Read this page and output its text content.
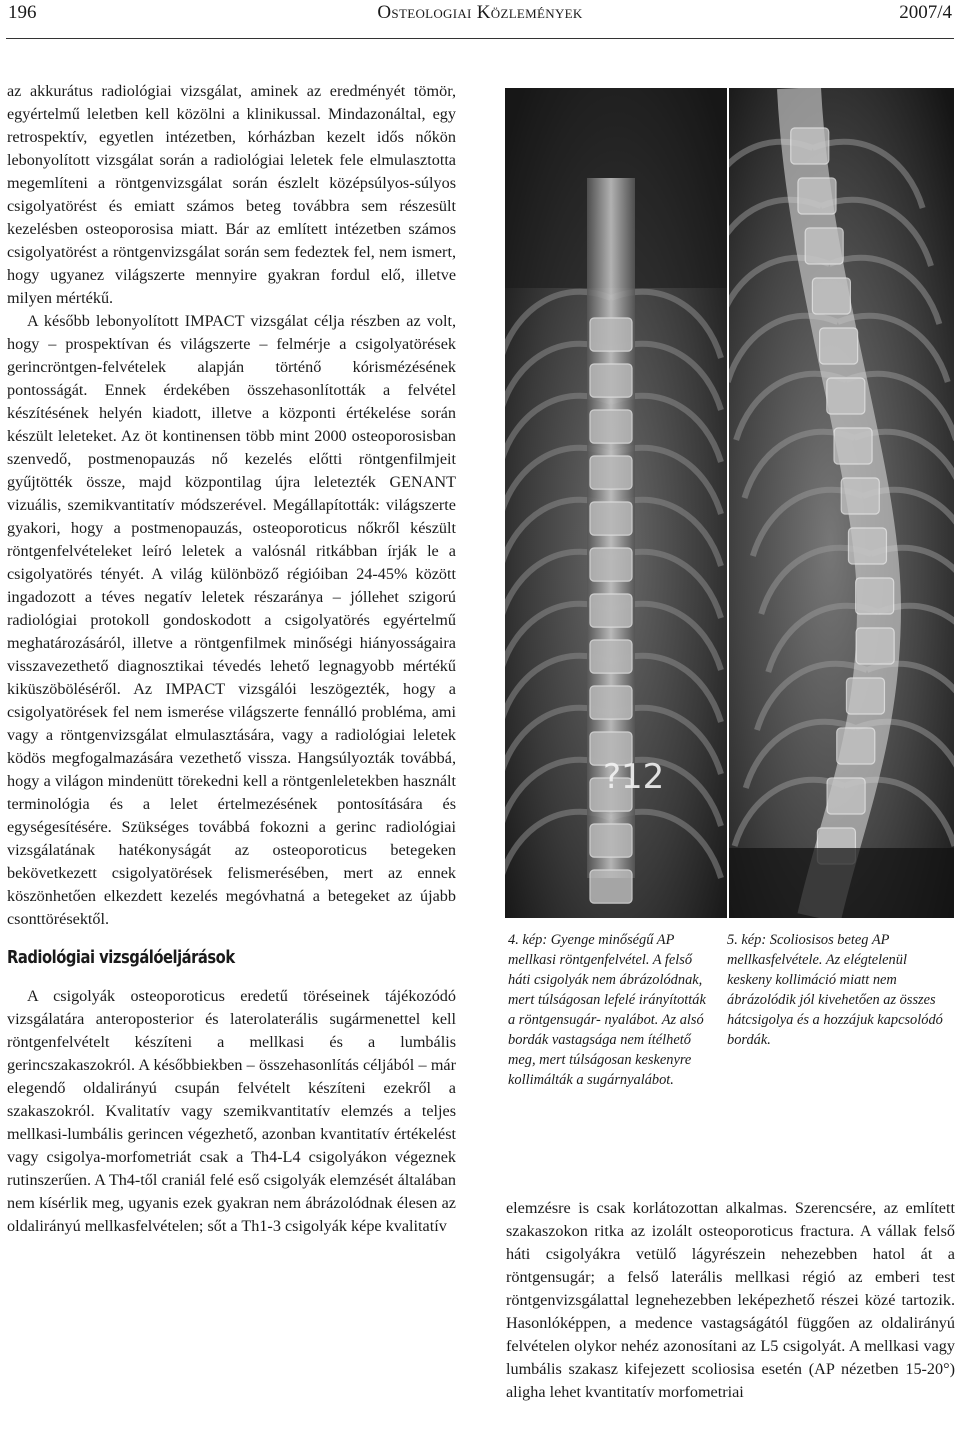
196	Osteologiai Közlemények	2007/4

az akkurátus radiológiai vizsgálat, aminek az eredményét tömör, egyértelmű leletben kell közölni a klinikussal. Mindazonáltal, egy retrospektív, egyetlen intézetben, kórházban kezelt idős nőkön lebonyolított vizsgálat során a radiológiai leletek fele elmulasztotta megemlíteni a röntgenvizsgálat során észlelt középsúlyos-súlyos csigolyatörést és emiatt számos beteg továbbra sem részesült kezelésben osteoporosisa miatt. Bár az említett intézetben számos csigolyatörést a röntgenvizsgálat során sem fedeztek fel, nem ismert, hogy ugyanez világszerte mennyire gyakran fordul elő, illetve milyen mértékű.

A később lebonyolított IMPACT vizsgálat célja részben az volt, hogy – prospektívan és világszerte – felmérje a csigolyatörések gerincröntgen-felvételek alapján történő kórismézésének pontosságát. Ennek érdekében összehasonlították a felvétel készítésének helyén kiadott, illetve a központi értékelése során készült leleteket. Az öt kontinensen több mint 2000 osteoporosisban szenvedő, postmenopauzás nő kezelés előtti röntgenfilmjeit gyűjtötték össze, majd központilag újra leletezték GENANT vizuális, szemikvantitatív módszerével. Megállapították: világszerte gyakori, hogy a postmenopauzás, osteoporoticus nőkről készült röntgenfelvételeket leíró leletek a valósnál ritkábban írják le a csigolyatörés tényét. A világ különböző régióiban 24-45% között ingadozott a téves negatív leletek részaránya – jóllehet szigorú radiológiai protokoll gondoskodott a csigolyatörés egyértelmű meghatározásáról, illetve a röntgenfilmek minőségi hiányosságaira visszavezethető diagnosztikai tévedés lehető legnagyobb mértékű kiküszöböléséről. Az IMPACT vizsgálói leszögezték, hogy a csigolyatörések fel nem ismerése világszerte fennálló probléma, ami vagy a röntgenvizsgálat elmulasztására, vagy a radiológiai leletek ködös megfogalmazására vezethető vissza. Hangsúlyozták továbbá, hogy a világon mindenütt törekedni kell a röntgenleletekben használt terminológia és a lelet értelmezésének pontosítására és egységesítésére. Szükséges továbbá fokozni a gerinc radiológiai vizsgálatának hatékonyságát az osteoporoticus betegeken bekövetkezett csigolyatörések felismerésében, mert az ennek köszönhetően elkezdett kezelés megóvhatná a betegeket az újabb csonttörésektől.

Radiológiai vizsgálóeljárások

A csigolyák osteoporoticus eredetű töréseinek tájékozódó vizsgálatára anteroposterior és laterolaterális sugármenettel kell röntgenfelvételt készíteni a mellkasi és a lumbális gerincszakaszokról. A későbbiekben – összehasonlítás céljából – már elegendő oldalirányú csupán felvételt készíteni ezekről a szakaszokról. Kvalitatív vagy szemikvantitatív elemzés a teljes mellkasi-lumbális gerincen végezhető, azonban kvantitatív értékelést vagy csigolya-morfometriát csak a Th4-L4 csigolyákon végeznek rutinszerűen. A Th4-től craniál felé eső csigolyák elemzését általában nem kísérlik meg, ugyanis ezek gyakran nem ábrázolódnak élesen az oldalirányú mellkasfelvételen; sőt a Th1-3 csigolyák képe kvalitatív

?12
4. kép: Gyenge minőségű AP mellkasi röntgenfelvétel. A felső háti csigolyák nem ábrázolódnak, mert túlságosan lefelé irányították a röntgensugár- nyalábot. Az alsó bordák vastagsága nem ítélhető meg, mert túlságosan keskenyre kollimálták a sugárnyalábot.
5. kép: Scoliosisos beteg AP mellkasfelvétele. Az elégtelenül keskeny kollimáció miatt nem ábrázolódik jól kivehetően az összes hátcsigolya és a hozzájuk kapcsolódó bordák.

elemzésre is csak korlátozottan alkalmas. Szerencsére, az említett szakaszokon ritka az izolált osteoporoticus fractura. A vállak felső háti csigolyákra vetülő lágyrészein nehezebben hatol át a röntgensugár; a felső laterális mellkasi régió az emberi test röntgenvizsgálattal legnehezebben leképezhető részei közé tartozik. Hasonlóképpen, a medence vastagságától függően az oldalirányú felvételen olykor nehéz azonosítani az L5 csigolyát. A mellkasi vagy lumbális szakasz kifejezett scoliosisa esetén (AP nézetben 15-20°) aligha lehet kvantitatív morfometriai
